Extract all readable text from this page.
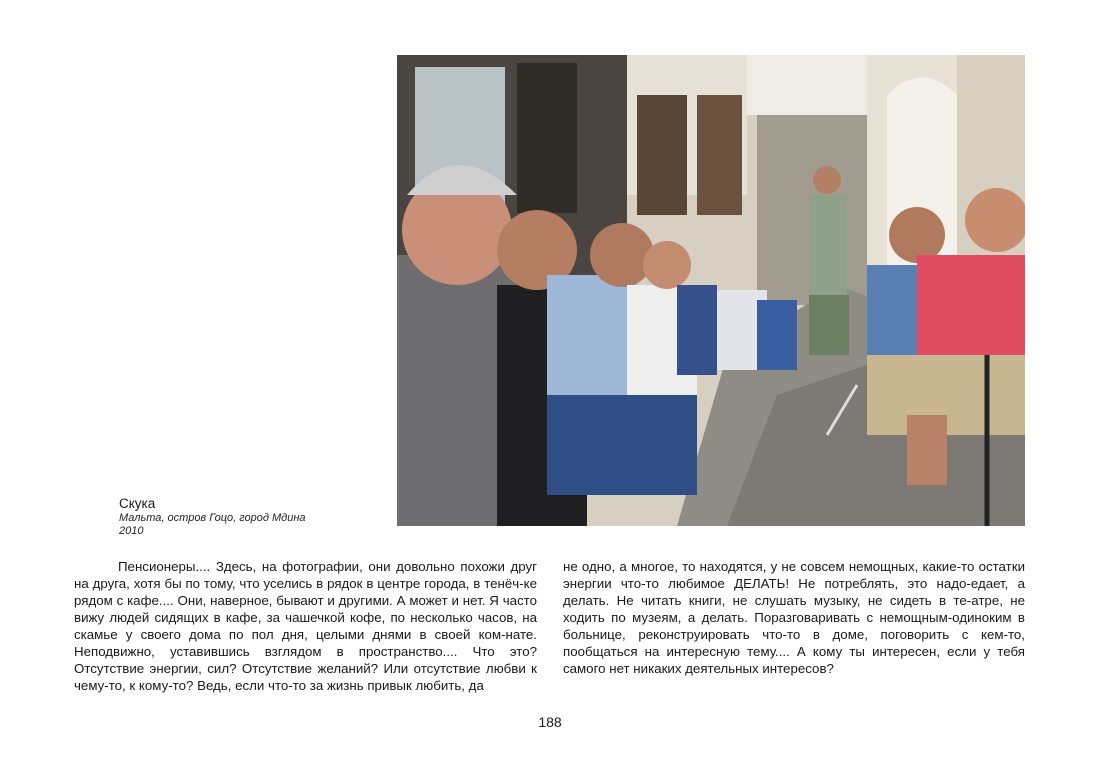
Скука
Мальта, остров Гоцо, город Мдина
2010
Пенсионеры.... Здесь, на фотографии, они довольно похожи друг на друга, хотя бы по тому, что уселись в рядок в центре города, в тенёч-ке рядом с кафе.... Они, наверное, бывают и другими. А может и нет. Я часто вижу людей сидящих в кафе, за чашечкой кофе, по несколько часов, на скамье у своего дома по пол дня, целыми днями в своей ком-нате. Неподвижно, уставившись взглядом в пространство.... Что это? Отсутствие энергии, сил? Отсутствие желаний? Или отсутствие любви к чему-то, к кому-то? Ведь, если что-то за жизнь привык любить, да
не одно, а многое, то находятся, у не совсем немощных, какие-то остатки энергии что-то любимое ДЕЛАТЬ! Не потреблять, это надо-едает, а делать. Не читать книги, не слушать музыку, не сидеть в те-атре, не ходить по музеям, а делать. Поразговаривать с немощным-одиноким в больнице, реконструировать что-то в доме, поговорить с кем-то, пообщаться на интересную тему.... А кому ты интересен, если у тебя самого нет никаких деятельных интересов?
188
